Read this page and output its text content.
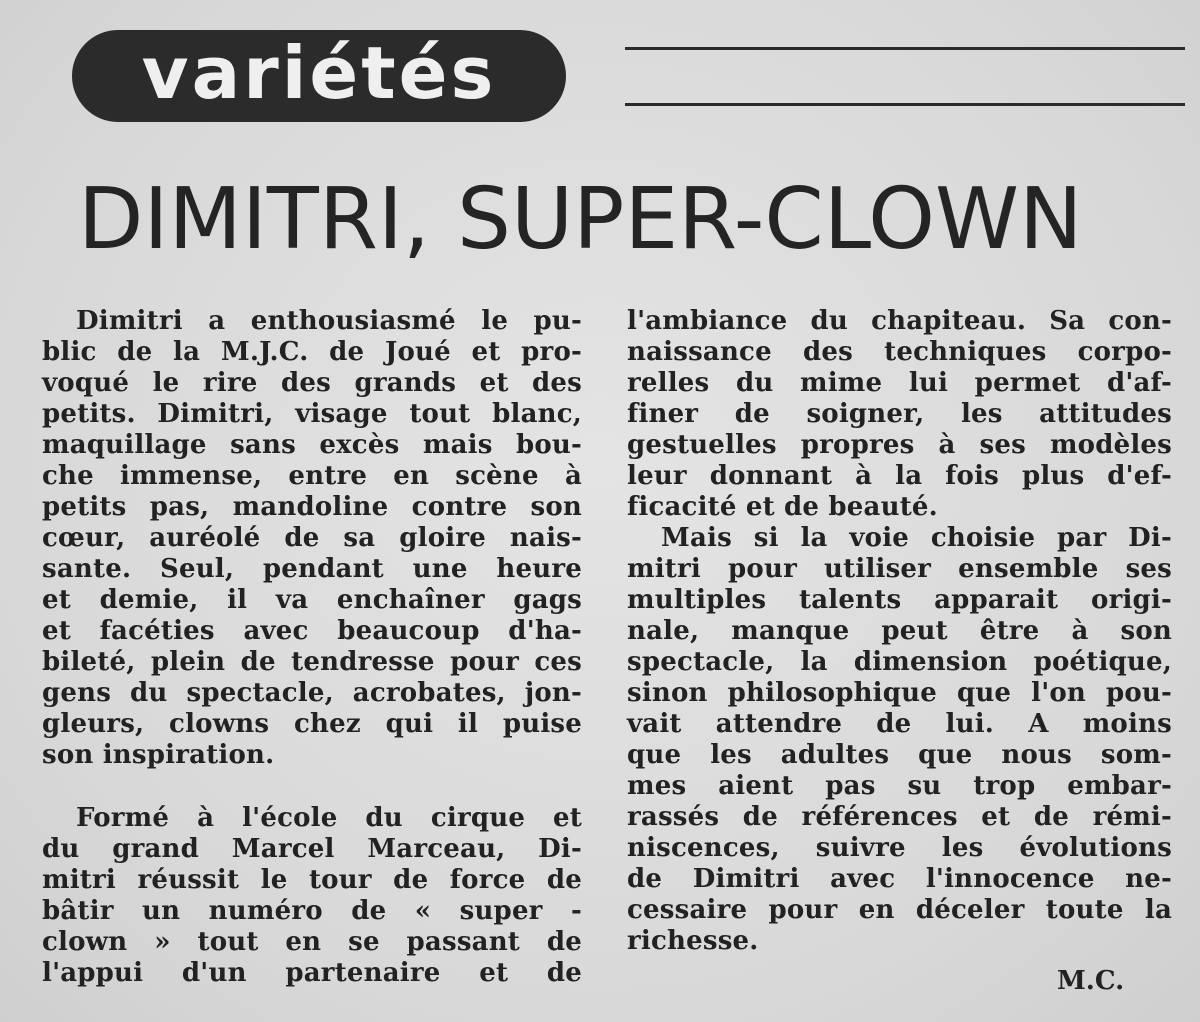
variétés
DIMITRI, SUPER-CLOWN
Dimitri a enthousiasmé le pu-
blic de la M.J.C. de Joué et pro-
voqué le rire des grands et des
petits. Dimitri, visage tout blanc,
maquillage sans excès mais bou-
che immense, entre en scène à
petits pas, mandoline contre son
cœur, auréolé de sa gloire nais-
sante. Seul, pendant une heure
et demie, il va enchaîner gags
et facéties avec beaucoup d'ha-
bileté, plein de tendresse pour ces
gens du spectacle, acrobates, jon-
gleurs, clowns chez qui il puise
son inspiration.
Formé à l'école du cirque et
du grand Marcel Marceau, Di-
mitri réussit le tour de force de
bâtir un numéro de « super -
clown » tout en se passant de
l'appui d'un partenaire et de
l'ambiance du chapiteau. Sa con-
naissance des techniques corpo-
relles du mime lui permet d'af-
finer de soigner, les attitudes
gestuelles propres à ses modèles
leur donnant à la fois plus d'ef-
ficacité et de beauté.
Mais si la voie choisie par Di-
mitri pour utiliser ensemble ses
multiples talents apparait origi-
nale, manque peut être à son
spectacle, la dimension poétique,
sinon philosophique que l'on pou-
vait attendre de lui. A moins
que les adultes que nous som-
mes aient pas su trop embar-
rassés de références et de rémi-
niscences, suivre les évolutions
de Dimitri avec l'innocence ne-
cessaire pour en déceler toute la
richesse.
M.C.
